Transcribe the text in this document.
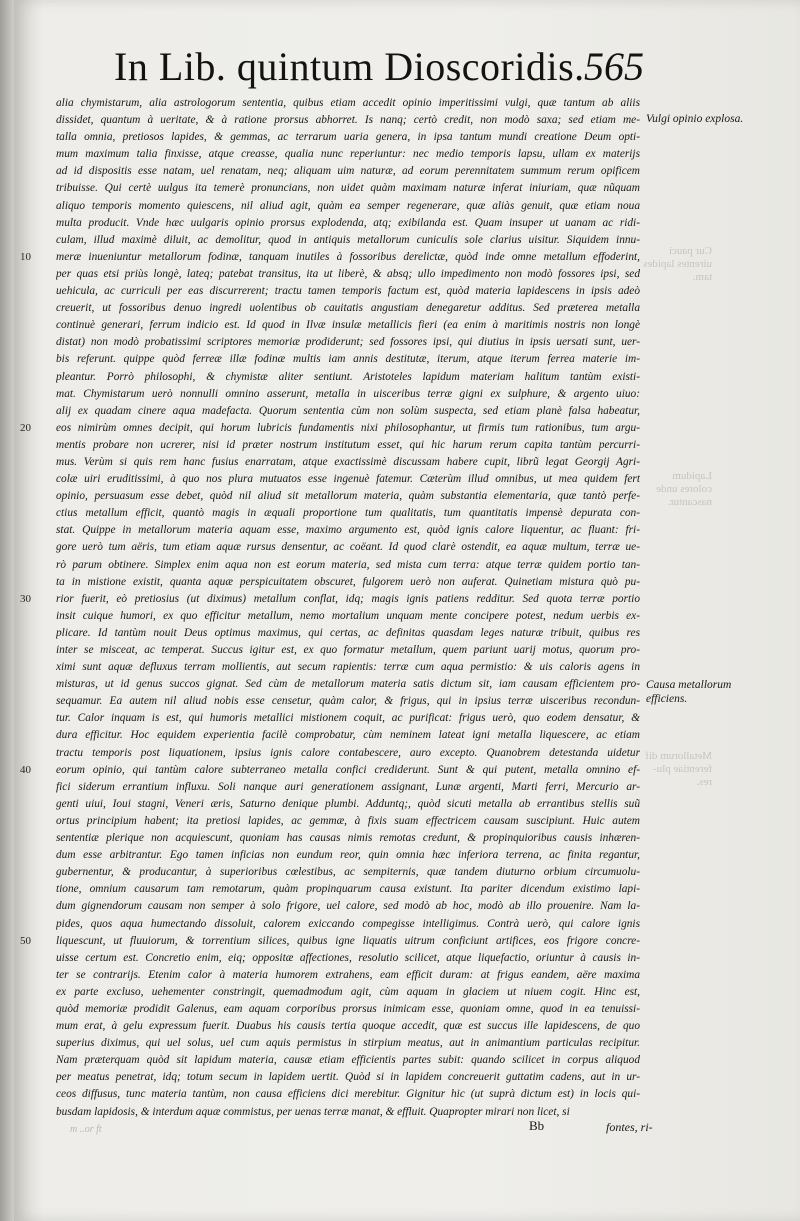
In Lib. quintum Dioscoridis. 565
10
20
30
40
50
alia chymistarum, alia astrologorum sententia, quibus etiam accedit opinio imperitissimi vulgi, quæ tantum ab aliis
dissidet, quantum à ueritate, & à ratione prorsus abhorret. Is nanq; certò credit, non modò saxa; sed etiam me-
talla omnia, pretiosos lapides, & gemmas, ac terrarum uaria genera, in ipsa tantum mundi creatione Deum opti-
mum maximum talia finxisse, atque creasse, qualia nunc reperiuntur: nec medio temporis lapsu, ullam ex materijs
ad id dispositis esse natam, uel renatam, neq; aliquam uim naturæ, ad eorum perennitatem summum rerum opificem
tribuisse. Qui certè uulgus ita temerè pronuncians, non uidet quàm maximam naturæ inferat iniuriam, quæ nũquam
aliquo temporis momento quiescens, nil aliud agit, quàm ea semper regenerare, quæ aliàs genuit, quæ etiam noua
multa producit. Vnde hæc uulgaris opinio prorsus explodenda, atq; exibilanda est. Quam insuper ut uanam ac ridi-
culam, illud maximè diluit, ac demolitur, quod in antiquis metallorum cuniculis sole clarius uisitur. Siquidem innu-
meræ inueniuntur metallorum fodinæ, tanquam inutiles à fossoribus derelictæ, quòd inde omne metallum effoderint,
per quas etsi priùs longè, lateq; patebat transitus, ita ut liberè, & absq; ullo impedimento non modò fossores ipsi, sed
uehicula, ac curriculi per eas discurrerent; tractu tamen temporis factum est, quòd materia lapidescens in ipsis adeò
creuerit, ut fossoribus denuo ingredi uolentibus ob cauitatis angustiam denegaretur additus. Sed præterea metalla
continuè generari, ferrum indicio est. Id quod in Ilvæ insulæ metallicis fieri (ea enim à maritimis nostris non longè
distat) non modò probatissimi scriptores memoriæ prodiderunt; sed fossores ipsi, qui diutius in ipsis uersati sunt, uer-
bis referunt. quippe quòd ferreæ illæ fodinæ multis iam annis destitutæ, iterum, atque iterum ferrea materie im-
pleantur. Porrò philosophi, & chymistæ aliter sentiunt. Aristoteles lapidum materiam halitum tantùm existi-
mat. Chymistarum uerò nonnulli omnino asserunt, metalla in uisceribus terræ gigni ex sulphure, & argento uiuo:
alij ex quadam cinere aqua madefacta. Quorum sententia cùm non solùm suspecta, sed etiam planè falsa habeatur,
eos nimirùm omnes decipit, qui horum lubricis fundamentis nixi philosophantur, ut firmis tum rationibus, tum argu-
mentis probare non ucrerer, nisi id præter nostrum institutum esset, qui hic harum rerum capita tantùm percurri-
mus. Verùm si quis rem hanc fusius enarratam, atque exactissimè discussam habere cupit, librũ legat Georgij Agri-
colæ uiri eruditissimi, à quo nos plura mutuatos esse ingenuè fatemur. Cæterùm illud omnibus, ut mea quidem fert
opinio, persuasum esse debet, quòd nil aliud sit metallorum materia, quàm substantia elementaria, quæ tantò perfe-
ctius metallum efficit, quantò magis in æquali proportione tum qualitatis, tum quantitatis impensè depurata con-
stat. Quippe in metallorum materia aquam esse, maximo argumento est, quòd ignis calore liquentur, ac fluant: fri-
gore uerò tum aëris, tum etiam aquæ rursus densentur, ac coëant. Id quod clarè ostendit, ea aquæ multum, terræ ue-
rò parum obtinere. Simplex enim aqua non est eorum materia, sed mista cum terra: atque terræ quidem portio tan-
ta in mistione existit, quanta aquæ perspicuitatem obscuret, fulgorem uerò non auferat. Quinetiam mistura quò pu-
rior fuerit, eò pretiosius (ut diximus) metallum conflat, idq; magis ignis patiens redditur. Sed quota terræ portio
insit cuique humori, ex quo efficitur metallum, nemo mortalium unquam mente concipere potest, nedum uerbis ex-
plicare. Id tantùm nouit Deus optimus maximus, qui certas, ac definitas quasdam leges naturæ tribuit, quibus res
inter se misceat, ac temperat. Succus igitur est, ex quo formatur metallum, quem pariunt uarij motus, quorum pro-
ximi sunt aquæ defluxus terram mollientis, aut secum rapientis: terræ cum aqua permistio: & uis caloris agens in
misturas, ut id genus succos gignat. Sed cùm de metallorum materia satis dictum sit, iam causam efficientem pro-
sequamur. Ea autem nil aliud nobis esse censetur, quàm calor, & frigus, qui in ipsius terræ uisceribus recondun-
tur. Calor inquam is est, qui humoris metallici mistionem coquit, ac purificat: frigus uerò, quo eodem densatur, &
dura efficitur. Hoc equidem experientia facilè comprobatur, cùm neminem lateat igni metalla liquescere, ac etiam
tractu temporis post liquationem, ipsius ignis calore contabescere, auro excepto. Quanobrem detestanda uidetur
eorum opinio, qui tantùm calore subterraneo metalla confici crediderunt. Sunt & qui putent, metalla omnino ef-
fici siderum errantium influxu. Soli nanque auri generationem assignant, Lunæ argenti, Marti ferri, Mercurio ar-
genti uiui, Ioui stagni, Veneri æris, Saturno denique plumbi. Adduntq;, quòd sicuti metalla ab errantibus stellis suũ
ortus principium habent; ita pretiosi lapides, ac gemmæ, à fixis suam effectricem causam suscipiunt. Huic autem
sententiæ plerique non acquiescunt, quoniam has causas nimis remotas credunt, & propinquioribus causis inhæren-
dum esse arbitrantur. Ego tamen inficias non eundum reor, quin omnia hæc inferiora terrena, ac finita regantur,
gubernentur, & producantur, à superioribus cœlestibus, ac sempiternis, quæ tandem diuturno orbium circumuolu-
tione, omnium causarum tam remotarum, quàm propinquarum causa existunt. Ita pariter dicendum existimo lapi-
dum gignendorum causam non semper à solo frigore, uel calore, sed modò ab hoc, modò ab illo prouenire. Nam la-
pides, quos aqua humectando dissoluit, calorem exiccando compegisse intelligimus. Contrà uerò, qui calore ignis
liquescunt, ut fluuiorum, & torrentium silices, quibus igne liquatis uitrum conficiunt artifices, eos frigore concre-
uisse certum est. Concretio enim, eiq; oppositæ affectiones, resolutio scilicet, atque liquefactio, oriuntur à causis in-
ter se contrarijs. Etenim calor à materia humorem extrahens, eam efficit duram: at frigus eandem, aëre maxima
ex parte excluso, uehementer constringit, quemadmodum agit, cùm aquam in glaciem ut niuem cogit. Hinc est,
quòd memoriæ prodidit Galenus, eam aquam corporibus prorsus inimicam esse, quoniam omne, quod in ea tenuissi-
mum erat, à gelu expressum fuerit. Duabus his causis tertia quoque accedit, quæ est succus ille lapidescens, de quo
superius diximus, qui uel solus, uel cum aquis permistus in stirpium meatus, aut in animantium particulas recipitur.
Nam præterquam quòd sit lapidum materia, causæ etiam efficientis partes subit: quando scilicet in corpus aliquod
per meatus penetrat, idq; totum secum in lapidem uertit. Quòd si in lapidem concreuerit guttatim cadens, aut in ur-
ceos diffusus, tunc materia tantùm, non causa efficiens dici merebitur. Gignitur hic (ut suprà dictum est) in locis qui-
busdam lapidosis, & interdum aquæ commistus, per uenas terræ manat, & effluit. Quapropter mirari non licet, si
Vulgi opinio explosa.
Causa metallorum efficiens.
Cur pauci uirentes lapides tam.
Lapidum colores unde nascantur.
Metallorum dif ferentiae plu- res.
m ..or ft	Bb	fontes, ri-
